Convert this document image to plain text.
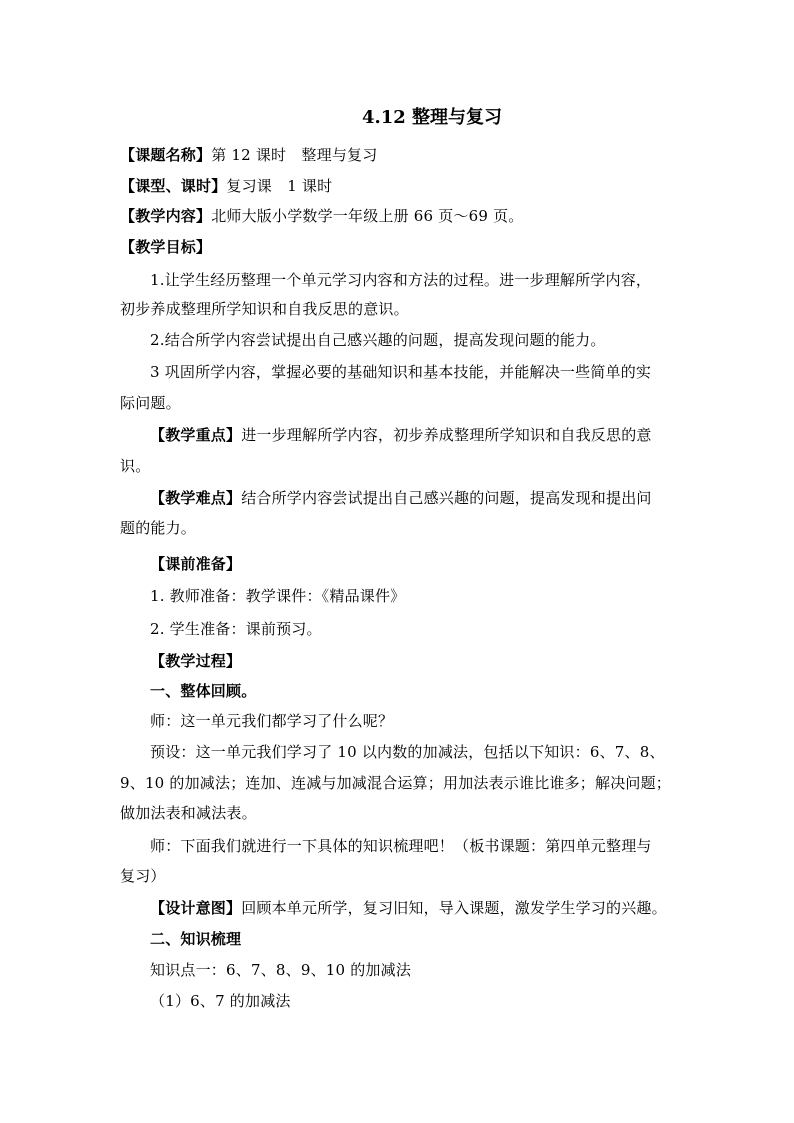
4.12 整理与复习
【课题名称】第 12 课时　整理与复习
【课型、课时】复习课　1 课时
【教学内容】北师大版小学数学一年级上册 66 页～69 页。
【教学目标】
1.让学生经历整理一个单元学习内容和方法的过程。进一步理解所学内容，
初步养成整理所学知识和自我反思的意识。
2.结合所学内容尝试提出自己感兴趣的问题，提高发现问题的能力。
3 巩固所学内容，掌握必要的基础知识和基本技能，并能解决一些简单的实
际问题。
【教学重点】进一步理解所学内容，初步养成整理所学知识和自我反思的意
识。
【教学难点】结合所学内容尝试提出自己感兴趣的问题，提高发现和提出问
题的能力。
【课前准备】
1. 教师准备：教学课件：《精品课件》
2. 学生准备：课前预习。
【教学过程】
一、整体回顾。
师：这一单元我们都学习了什么呢？
预设：这一单元我们学习了 10 以内数的加减法，包括以下知识：6、7、8、
9、10 的加减法；连加、连减与加减混合运算；用加法表示谁比谁多；解决问题；
做加法表和减法表。
师：下面我们就进行一下具体的知识梳理吧！（板书课题：第四单元整理与
复习）
【设计意图】回顾本单元所学，复习旧知，导入课题，激发学生学习的兴趣。
二、知识梳理
知识点一：6、7、8、9、10 的加减法
（1）6、7 的加减法
